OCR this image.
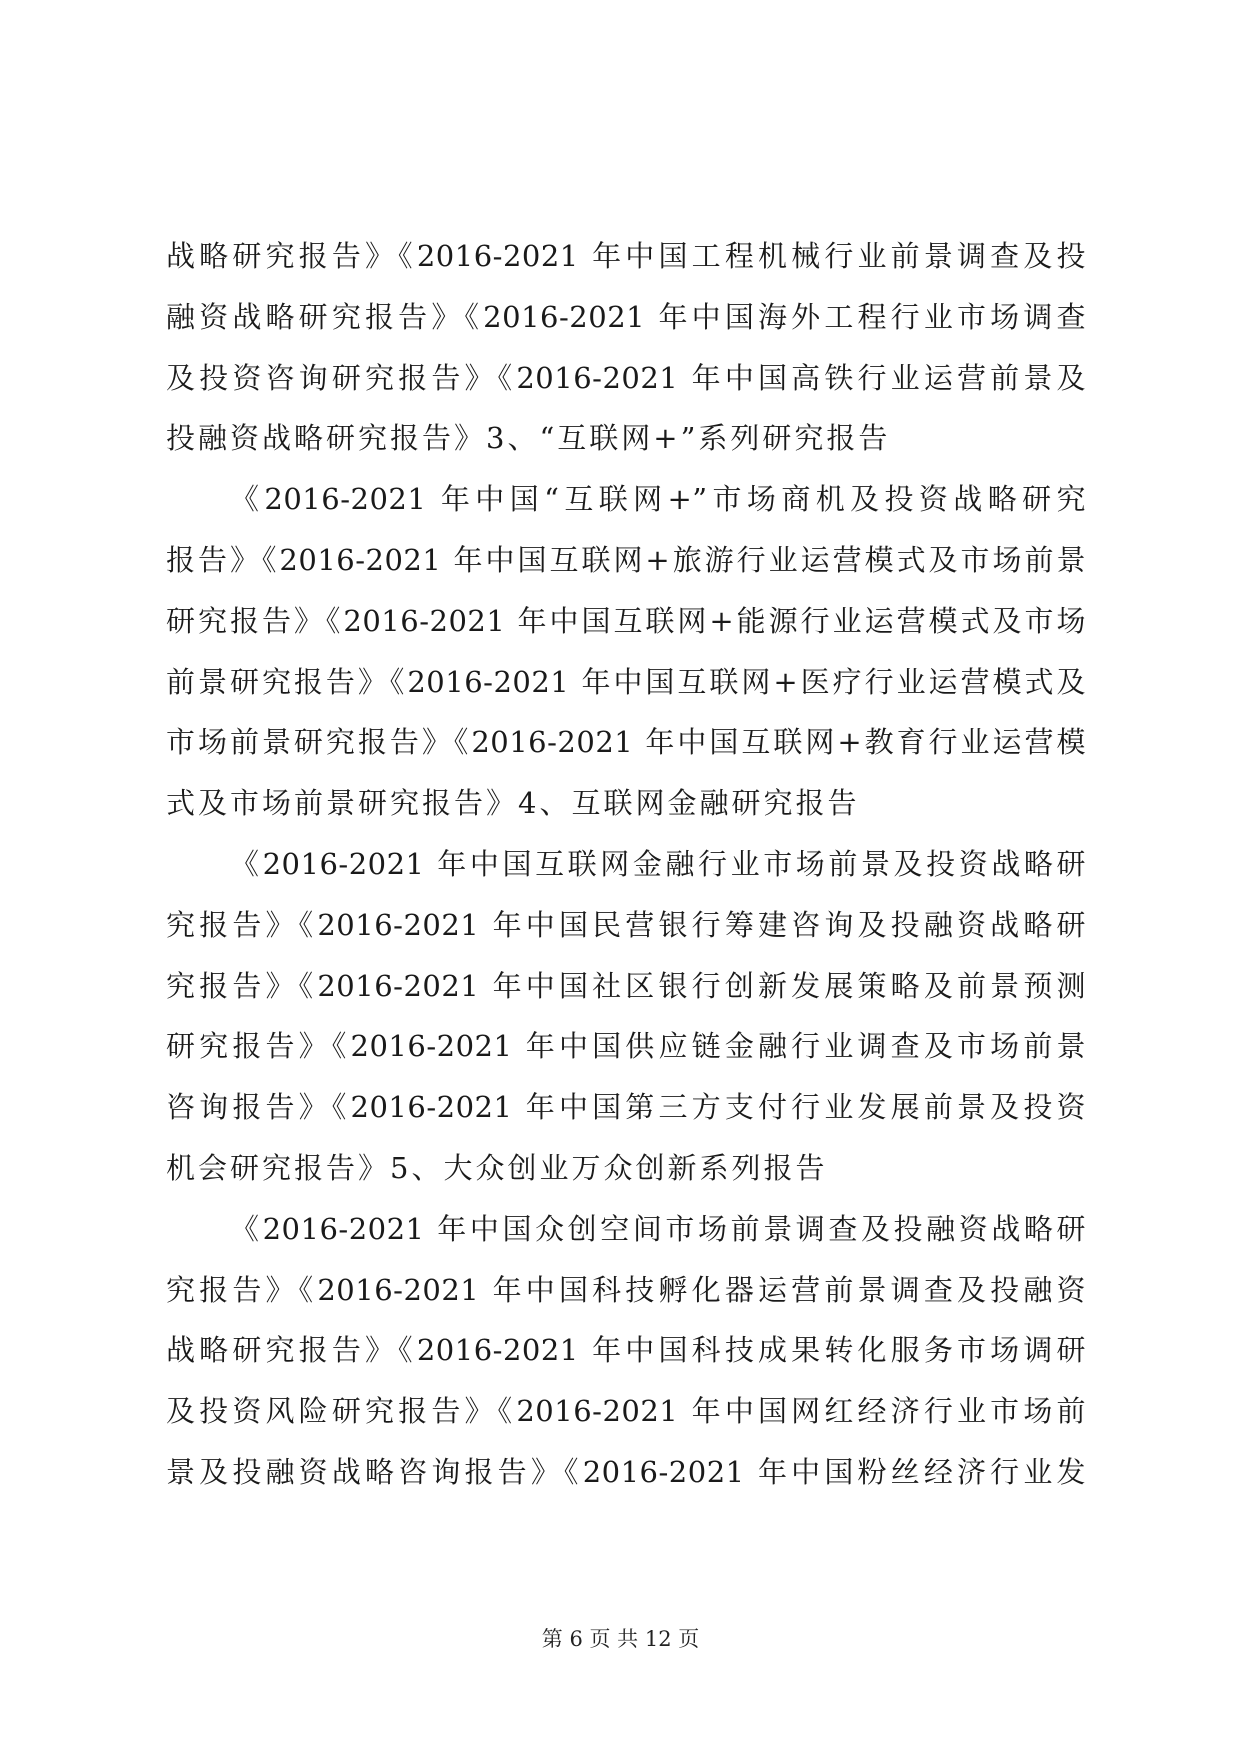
战略研究报告》《2016-2021 年中国工程机械行业前景调查及投
融资战略研究报告》《2016-2021 年中国海外工程行业市场调查
及投资咨询研究报告》《2016-2021 年中国高铁行业运营前景及
投融资战略研究报告》3、“互联网+”系列研究报告
《2016-2021 年中国“互联网+”市场商机及投资战略研究
报告》《2016-2021 年中国互联网+旅游行业运营模式及市场前景
研究报告》《2016-2021 年中国互联网+能源行业运营模式及市场
前景研究报告》《2016-2021 年中国互联网+医疗行业运营模式及
市场前景研究报告》《2016-2021 年中国互联网+教育行业运营模
式及市场前景研究报告》4、互联网金融研究报告
《2016-2021 年中国互联网金融行业市场前景及投资战略研
究报告》《2016-2021 年中国民营银行筹建咨询及投融资战略研
究报告》《2016-2021 年中国社区银行创新发展策略及前景预测
研究报告》《2016-2021 年中国供应链金融行业调查及市场前景
咨询报告》《2016-2021 年中国第三方支付行业发展前景及投资
机会研究报告》5、大众创业万众创新系列报告
《2016-2021 年中国众创空间市场前景调查及投融资战略研
究报告》《2016-2021 年中国科技孵化器运营前景调查及投融资
战略研究报告》《2016-2021 年中国科技成果转化服务市场调研
及投资风险研究报告》《2016-2021 年中国网红经济行业市场前
景及投融资战略咨询报告》《2016-2021 年中国粉丝经济行业发
第 6 页 共 12 页
